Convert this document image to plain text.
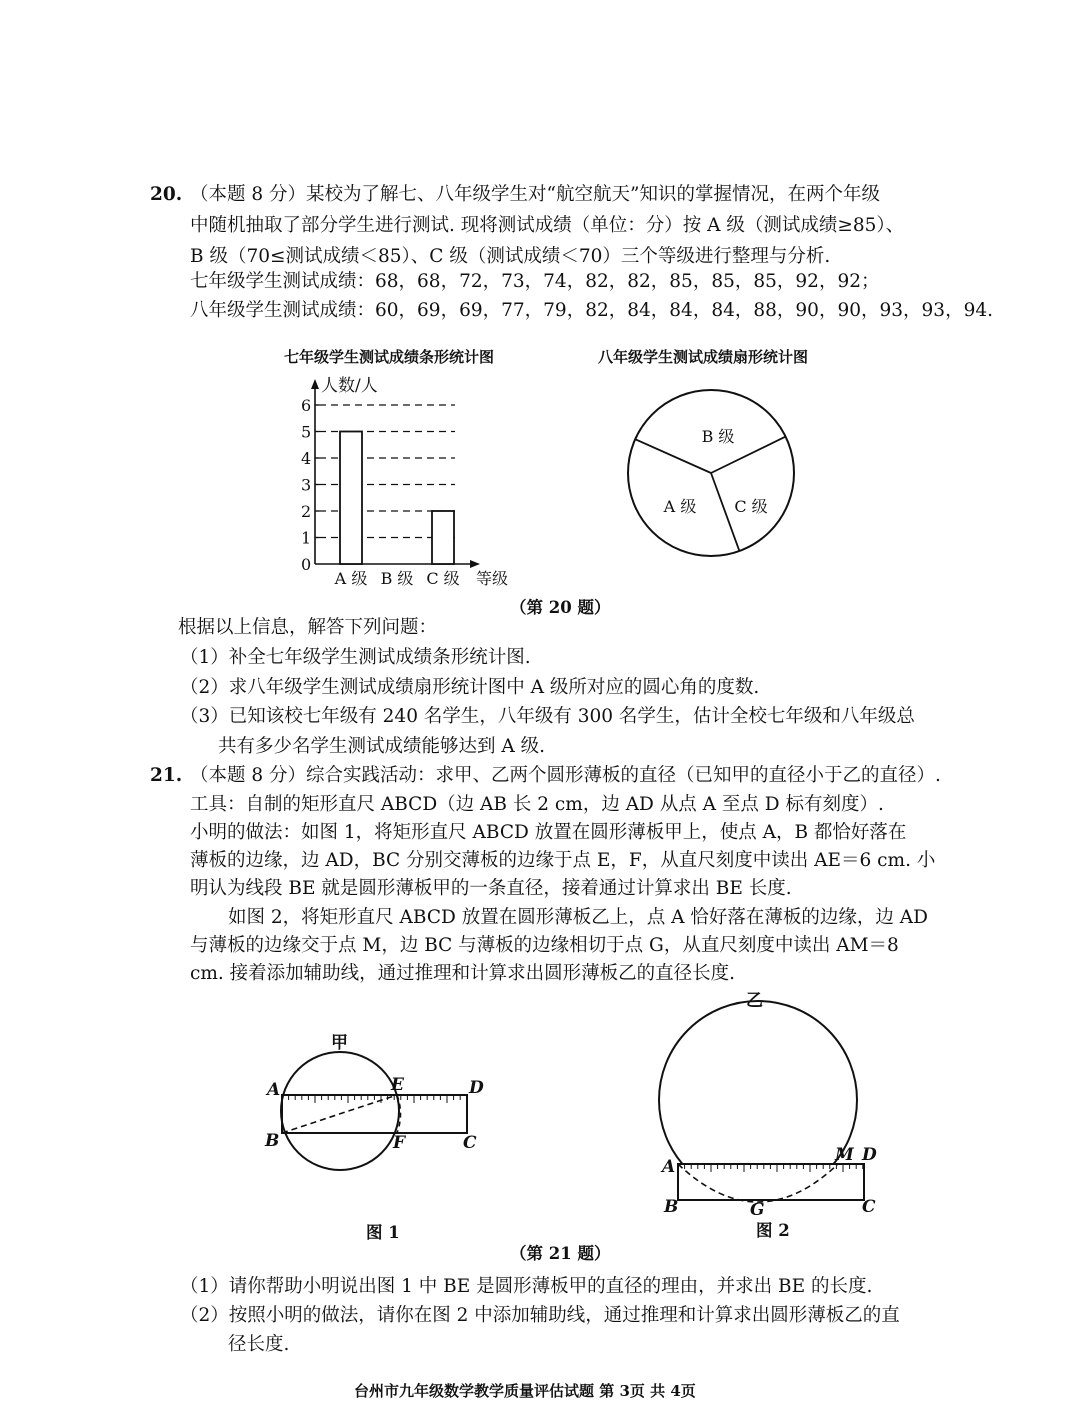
20. （本题 8 分）某校为了解七、八年级学生对“航空航天”知识的掌握情况，在两个年级
中随机抽取了部分学生进行测试. 现将测试成绩（单位：分）按 A 级（测试成绩≥85）、
B 级（70≤测试成绩＜85）、C 级（测试成绩＜70）三个等级进行整理与分析.
七年级学生测试成绩：68，68，72，73，74，82，82，85，85，85，92，92；
八年级学生测试成绩：60，69，69，77，79，82，84，84，84，88，90，90，93，93，94.
七年级学生测试成绩条形统计图
0
1
2
3
4
5
6
人数/人
A 级 B 级 C 级 等级
八年级学生测试成绩扇形统计图
B 级
A 级 C 级
（第 20 题）
根据以上信息，解答下列问题：
（1）补全七年级学生测试成绩条形统计图.
（2）求八年级学生测试成绩扇形统计图中 A 级所对应的圆心角的度数.
（3）已知该校七年级有 240 名学生，八年级有 300 名学生，估计全校七年级和八年级总
共有多少名学生测试成绩能够达到 A 级.
21. （本题 8 分）综合实践活动：求甲、乙两个圆形薄板的直径（已知甲的直径小于乙的直径）.
工具：自制的矩形直尺 ABCD（边 AB 长 2 cm，边 AD 从点 A 至点 D 标有刻度）.
小明的做法：如图 1，将矩形直尺 ABCD 放置在圆形薄板甲上，使点 A，B 都恰好落在
薄板的边缘，边 AD，BC 分别交薄板的边缘于点 E，F，从直尺刻度中读出 AE＝6 cm. 小
明认为线段 BE 就是圆形薄板甲的一条直径，接着通过计算求出 BE 长度.
如图 2，将矩形直尺 ABCD 放置在圆形薄板乙上，点 A 恰好落在薄板的边缘，边 AD
与薄板的边缘交于点 M，边 BC 与薄板的边缘相切于点 G，从直尺刻度中读出 AM＝8
cm. 接着添加辅助线，通过推理和计算求出圆形薄板乙的直径长度.
甲
A
B
E
F
D
C
图 1
乙
A
B
M D
G	C
图 2
（第 21 题）
（1）请你帮助小明说出图 1 中 BE 是圆形薄板甲的直径的理由，并求出 BE 的长度.
（2）按照小明的做法，请你在图 2 中添加辅助线，通过推理和计算求出圆形薄板乙的直
径长度.
台州市九年级数学教学质量评估试题 第 3页 共 4页
